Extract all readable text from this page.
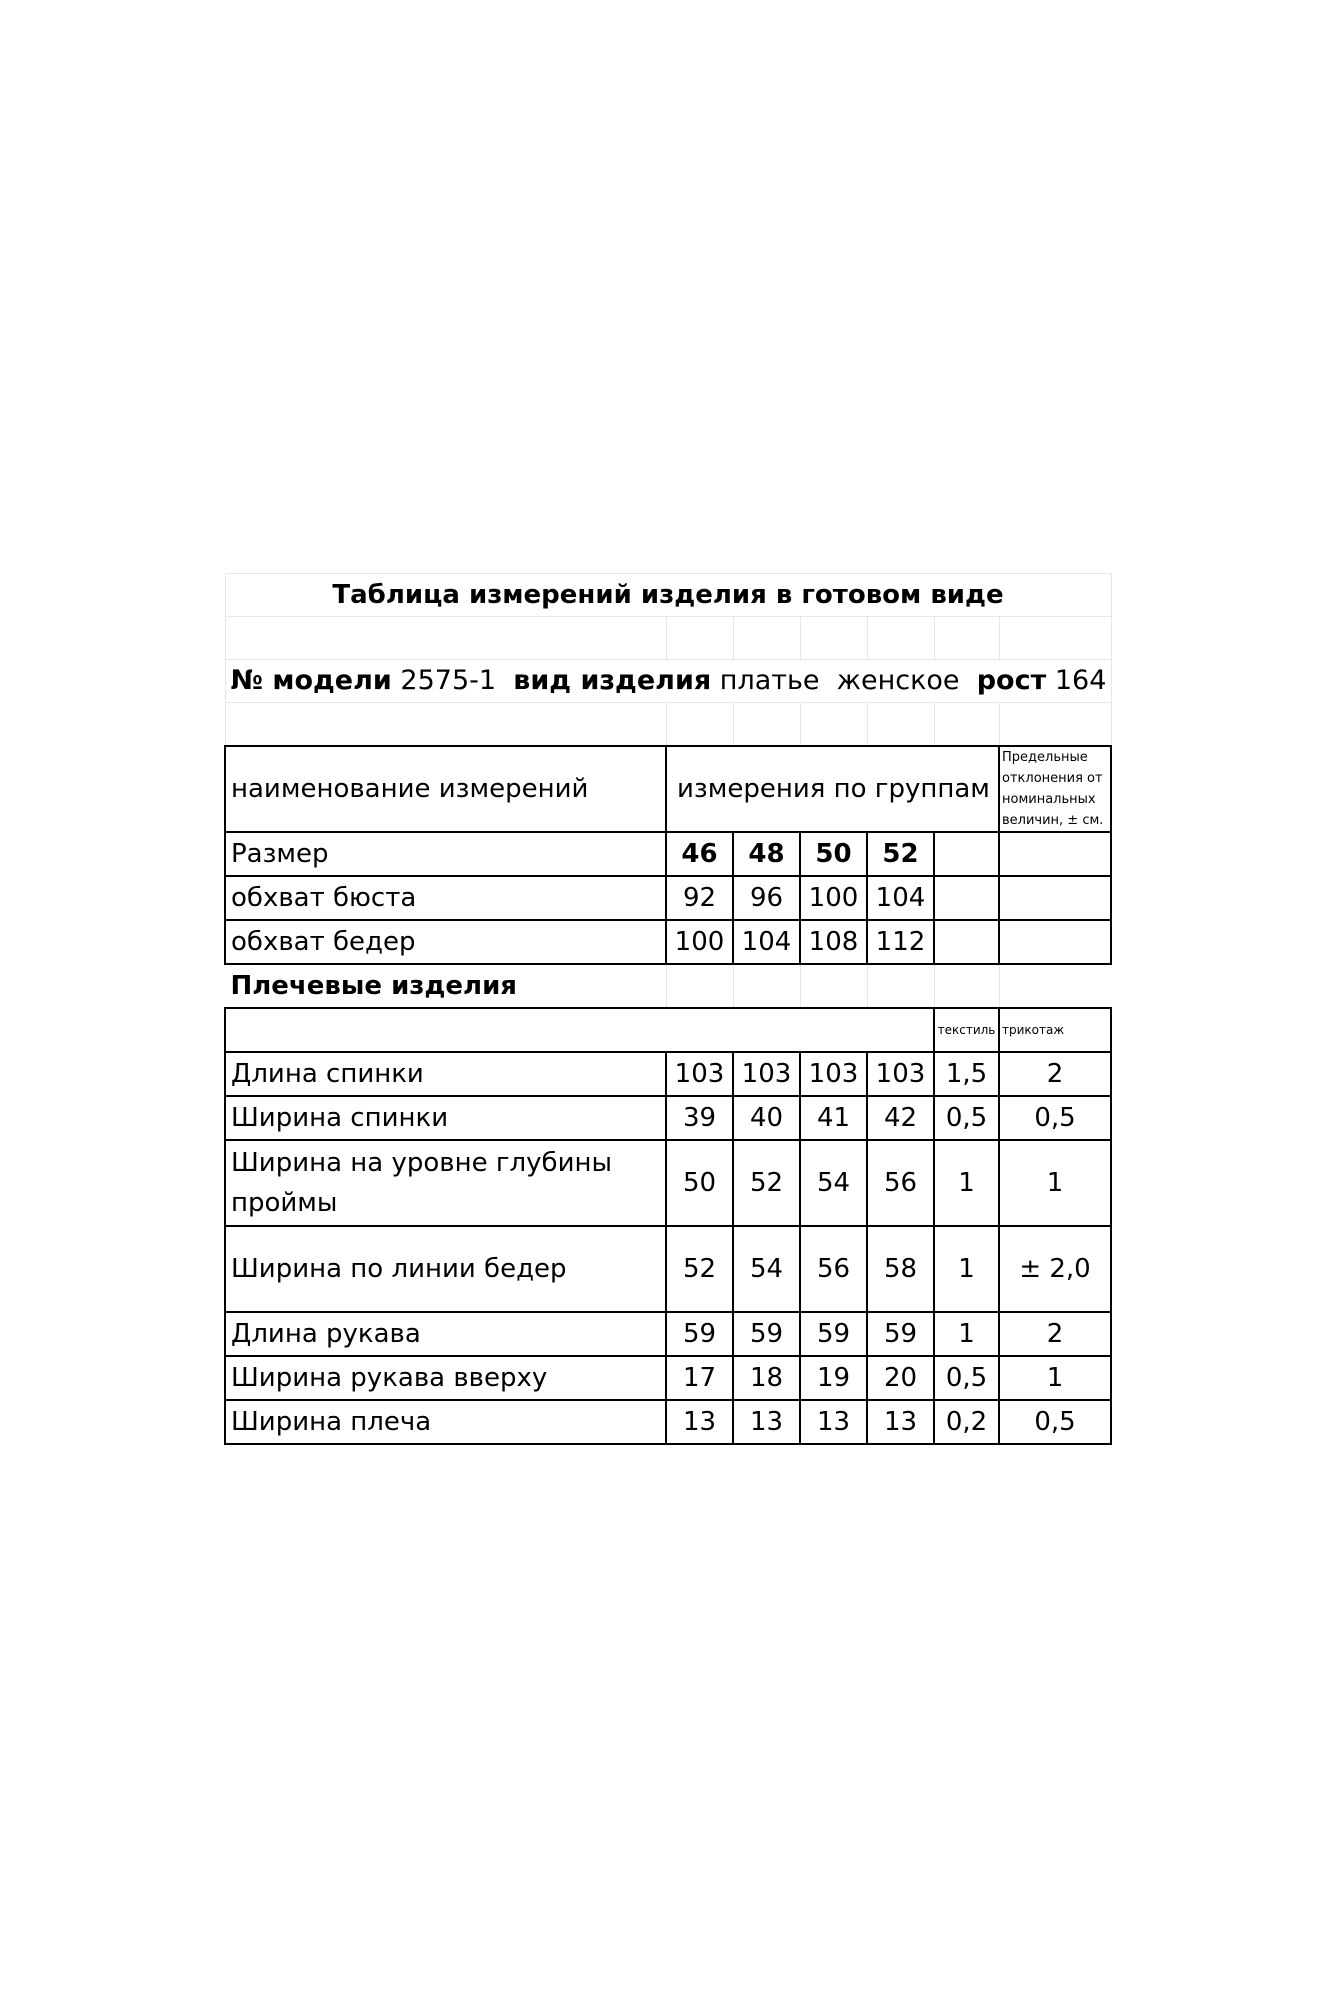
Таблица измерений изделия в готовом виде						

№ модели 2575-1 вид изделия платье  женское рост 164						

наименование измерений	измерения по группам					Предельные отклонения от номинальных величин, ± см.
Размер	46	48	50	52		
обхват бюста	92	96	100	104		
обхват бедер	100	104	108	112		
Плечевые изделия						
					текстиль	трикотаж
Длина спинки	103	103	103	103	1,5	2
Ширина спинки	39	40	41	42	0,5	0,5
Ширина на уровне глубины проймы	50	52	54	56	1	1
Ширина по линии бедер	52	54	56	58	1	± 2,0
Длина рукава	59	59	59	59	1	2
Ширина рукава вверху	17	18	19	20	0,5	1
Ширина плеча	13	13	13	13	0,2	0,5
